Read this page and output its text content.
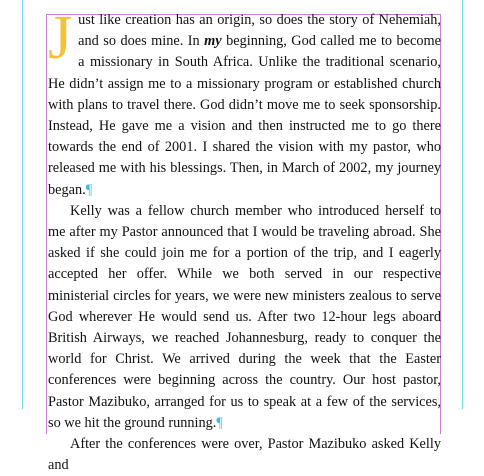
Just like creation has an origin, so does the story of Nehemiah, and so does mine. In my beginning, God called me to become a missionary in South Africa. Unlike the traditional scenario, He didn’t assign me to a missionary program or established church with plans to travel there. God didn’t move me to seek sponsorship. Instead, He gave me a vision and then instructed me to go there towards the end of 2001. I shared the vision with my pastor, who released me with his blessings. Then, in March of 2002, my journey began.¶

Kelly was a fellow church member who introduced herself to me after my Pastor announced that I would be traveling abroad. She asked if she could join me for a portion of the trip, and I eagerly accepted her offer. While we both served in our respective ministerial circles for years, we were new ministers zealous to serve God wherever He would send us. After two 12-hour legs aboard British Airways, we reached Johannesburg, ready to conquer the world for Christ. We arrived during the week that the Easter conferences were beginning across the country. Our host pastor, Pastor Mazibuko, arranged for us to speak at a few of the services, so we hit the ground running.¶

After the conferences were over, Pastor Mazibuko asked Kelly and
